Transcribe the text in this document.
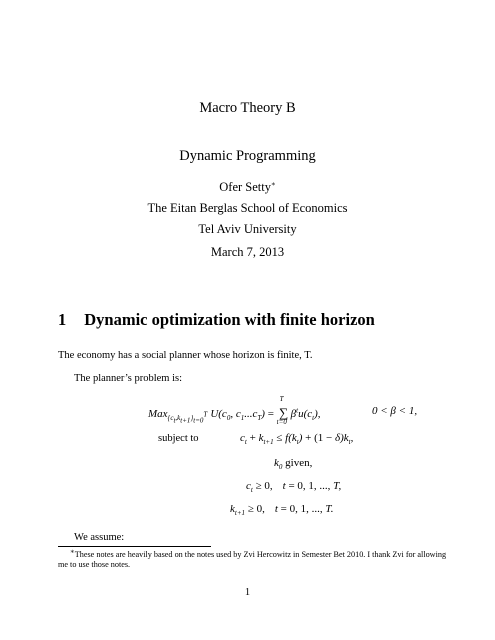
Macro Theory B
Dynamic Programming
Ofer Setty∗
The Eitan Berglas School of Economics
Tel Aviv University
March 7, 2013
1 Dynamic optimization with finite horizon
The economy has a social planner whose horizon is finite, T.
The planner’s problem is:
Max$_{\{c_t,k_{t+1}\}_{t=0}^T}$ $U(c_0$, $c_1...c_T$) =
T
∑
t=0
$\beta^tu(c_t)$,	0 < β < 1,
subject to	$c_t + k_{t+1} \le f(k_t) + (1 - \delta)k_t$,
$k_0$ given,
$c_t \ge 0$, t = 0, 1, ..., T,
$k_{t+1} \ge 0$, t = 0, 1, ..., T.
We assume:
∗These notes are heavily based on the notes used by Zvi Hercowitz in Semester Bet 2010. I thank Zvi for allowing me to use those notes.
1
